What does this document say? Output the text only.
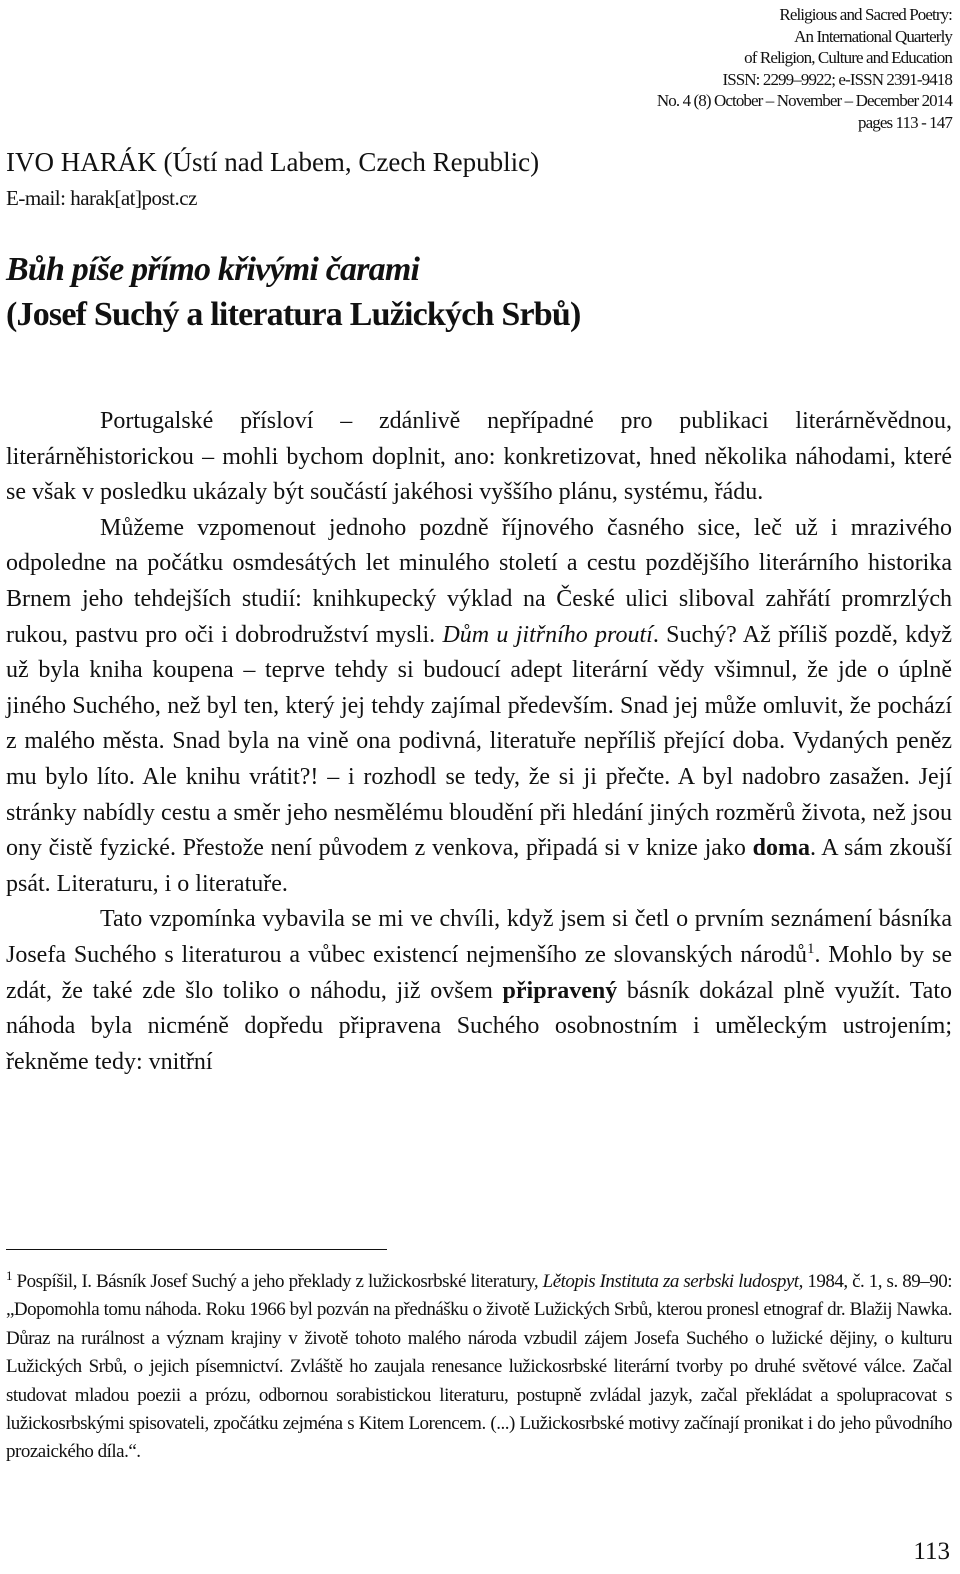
Religious and Sacred Poetry:
An International Quarterly
of Religion, Culture and Education
ISSN: 2299–9922; e-ISSN 2391-9418
No. 4 (8) October – November – December 2014
pages 113 - 147
IVO HARÁK (Ústí nad Labem, Czech Republic)
E-mail: harak[at]post.cz
Bůh píše přímo křivými čarami
(Josef Suchý a literatura Lužických Srbů)

Portugalské přísloví – zdánlivě nepřípadné pro publikaci literárněvědnou, literárněhistorickou – mohli bychom doplnit, ano: konkretizovat, hned několika náhodami, které se však v posledku ukázaly být součástí jakéhosi vyššího plánu, systému, řádu.

Můžeme vzpomenout jednoho pozdně říjnového časného sice, leč už i mrazivého odpoledne na počátku osmdesátých let minulého století a cestu pozdějšího literárního historika Brnem jeho tehdejších studií: knihkupecký výklad na České ulici sliboval zahřátí promrzlých rukou, pastvu pro oči i dobrodružství mysli. Dům u jitřního proutí. Suchý? Až příliš pozdě, když už byla kniha koupena – teprve tehdy si budoucí adept literární vědy všimnul, že jde o úplně jiného Suchého, než byl ten, který jej tehdy zajímal především. Snad jej může omluvit, že pochází z malého města. Snad byla na vině ona podivná, literatuře nepříliš přející doba. Vydaných peněz mu bylo líto. Ale knihu vrátit?! – i rozhodl se tedy, že si ji přečte. A byl nadobro zasažen. Její stránky nabídly cestu a směr jeho nesmělému bloudění při hledání jiných rozměrů života, než jsou ony čistě fyzické. Přestože není původem z venkova, připadá si v knize jako doma. A sám zkouší psát. Literaturu, i o literatuře.

Tato vzpomínka vybavila se mi ve chvíli, když jsem si četl o prvním seznámení básníka Josefa Suchého s literaturou a vůbec existencí nejmenšího ze slovanských národů$^1$. Mohlo by se zdát, že také zde šlo toliko o náhodu, již ovšem připravený básník dokázal plně využít. Tato náhoda byla nicméně dopředu připravena Suchého osobnostním i uměleckým ustrojením; řekněme tedy: vnitřní

$^1$ Pospíšil, I. Básník Josef Suchý a jeho překlady z lužickosrbské literatury, Lětopis Instituta za serbski ludospyt, 1984, č. 1, s. 89–90: „Dopomohla tomu náhoda. Roku 1966 byl pozván na přednášku o životě Lužických Srbů, kterou pronesl etnograf dr. Blažij Nawka. Důraz na rurálnost a význam krajiny v životě tohoto malého národa vzbudil zájem Josefa Suchého o lužické dějiny, o kulturu Lužických Srbů, o jejich písemnictví. Zvláště ho zaujala renesance lužickosrbské literární tvorby po druhé světové válce. Začal studovat mladou poezii a prózu, odbornou sorabistickou literaturu, postupně zvládal jazyk, začal překládat a spolupracovat s lužickosrbskými spisovateli, zpočátku zejména s Kitem Lorencem. (...) Lužickosrbské motivy začínají pronikat i do jeho původního prozaického díla.“.
113
